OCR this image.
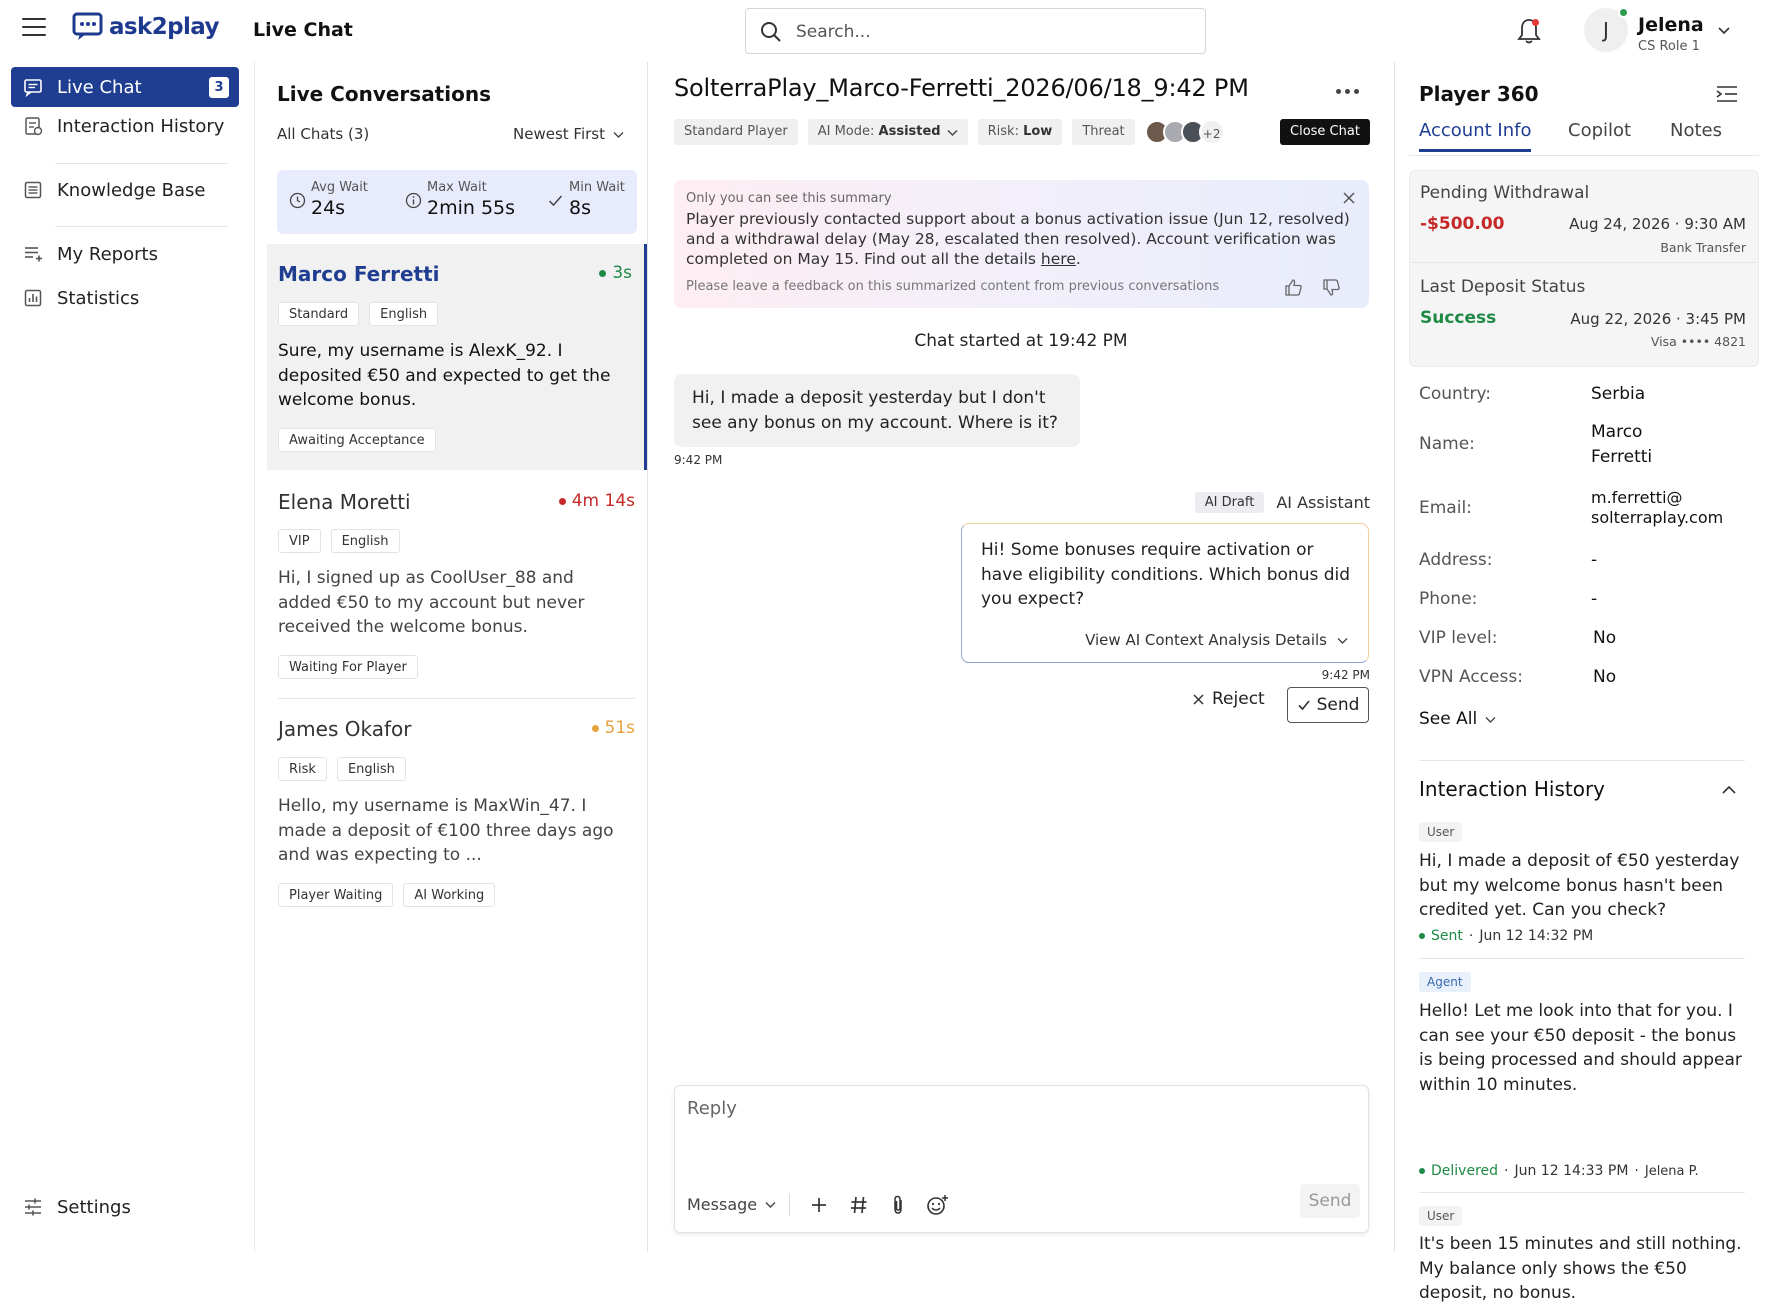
ask2play Live Chat
Search...	J	Jelena
CS Role 1
Live Chat	3
Interaction History
Knowledge Base
My Reports
Statistics
Settings
Live Conversations
All Chats (3)	Newest First
Avg Wait
24s
Max Wait
2min 55s
Min Wait
8s
Marco Ferretti	3s
Standard	English
Sure, my username is AlexK_92. I deposited €50 and expected to get the welcome bonus.
Awaiting Acceptance
Elena Moretti	4m 14s
VIP	English
Hi, I signed up as CoolUser_88 and added €50 to my account but never received the welcome bonus.
Waiting For Player
James Okafor	51s
Risk	English
Hello, my username is MaxWin_47. I made a deposit of €100 three days ago and was expecting to ...
Player Waiting	AI Working
SolterraPlay_Marco-Ferretti_2026/06/18_9:42 PM
Standard Player	AI Mode: Assisted	Risk: Low	Threat	+2	Close Chat
Only you can see this summary
Player previously contacted support about a bonus activation issue (Jun 12, resolved) and a withdrawal delay (May 28, escalated then resolved). Account verification was completed on May 15. Find out all the details here.
Please leave a feedback on this summarized content from previous conversations
Chat started at 19:42 PM
Hi, I made a deposit yesterday but I don't see any bonus on my account. Where is it?
9:42 PM
AI Draft	AI Assistant
Hi! Some bonuses require activation or have eligibility conditions. Which bonus did you expect?
View AI Context Analysis Details
9:42 PM
Reject	Send
Reply
Message	Send
Player 360
Account Info Copilot Notes
Pending Withdrawal
-$500.00	Aug 24, 2026 · 9:30 AM
Bank Transfer
Last Deposit Status
Success	Aug 22, 2026 · 3:45 PM
Visa •••• 4821
Country:	Serbia
Name:
Marco
Ferretti
Email:
m.ferretti@
solterraplay.com
Address:	-
Phone:	-
VIP level:	No
VPN Access:	No
See All
Interaction History
User
Hi, I made a deposit of €50 yesterday but my welcome bonus hasn't been credited yet. Can you check?
Sent · Jun 12 14:32 PM
Agent
Hello! Let me look into that for you. I can see your €50 deposit - the bonus is being processed and should appear within 10 minutes.
Delivered · Jun 12 14:33 PM · Jelena P.
User
It's been 15 minutes and still nothing. My balance only shows the €50 deposit, no bonus.
